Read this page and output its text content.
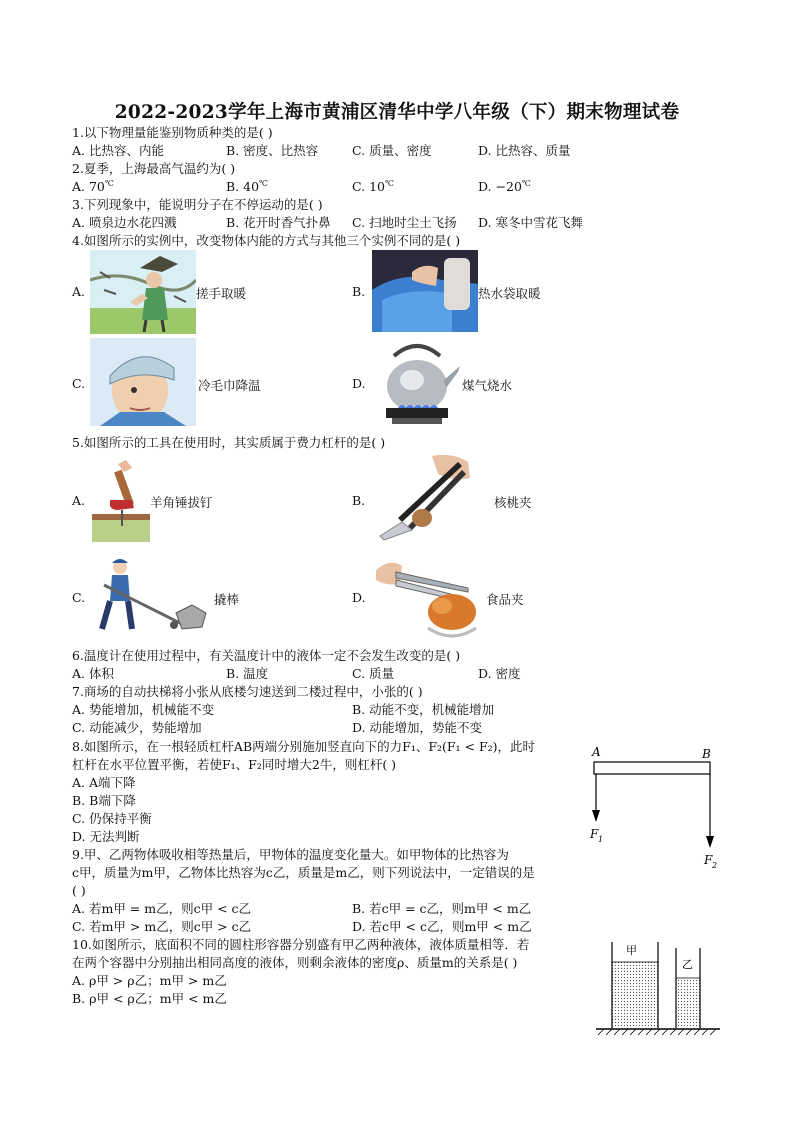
2022-2023学年上海市黄浦区清华中学八年级（下）期末物理试卷
1.以下物理量能鉴别物质种类的是( )
A. 比热容、内能	B. 密度、比热容	C. 质量、密度	D. 比热容、质量
2.夏季，上海最高气温约为( )
A. 70℃	B. 40℃	C. 10℃	D. −20℃
3.下列现象中，能说明分子在不停运动的是( )
A. 喷泉边水花四溅	B. 花开时香气扑鼻 C. 扫地时尘土飞扬 D. 寒冬中雪花飞舞
4.如图所示的实例中，改变物体内能的方式与其他三个实例不同的是( )
A.	搓手取暖	B.	热水袋取暖
C.	冷毛巾降温	D.	煤气烧水
5.如图所示的工具在使用时，其实质属于费力杠杆的是( )
A.	羊角锤拔钉	B.	核桃夹
C.	撬棒	D.	食品夹
6.温度计在使用过程中，有关温度计中的液体一定不会发生改变的是( )
A. 体积	B. 温度	C. 质量	D. 密度
7.商场的自动扶梯将小张从底楼匀速送到二楼过程中，小张的( )
A. 势能增加，机械能不变	B. 动能不变，机械能增加
C. 动能减少，势能增加	D. 动能增加，势能不变
8.如图所示，在一根轻质杠杆AB两端分别施加竖直向下的力F₁、F₂(F₁ < F₂)，此时
杠杆在水平位置平衡，若使F₁、F₂同时增大2牛，则杠杆( )
A. A端下降
B. B端下降
C. 仍保持平衡
D. 无法判断
A	B
F 1
F 2
9.甲、乙两物体吸收相等热量后，甲物体的温度变化量大。如甲物体的比热容为
c甲，质量为m甲，乙物体比热容为c乙，质量是m乙，则下列说法中，一定错误的是
( )
A. 若m甲 = m乙，则c甲 < c乙	B. 若c甲 = c乙，则m甲 < m乙
C. 若m甲 > m乙，则c甲 > c乙	D. 若c甲 < c乙，则m甲 < m乙
10.如图所示，底面积不同的圆柱形容器分别盛有甲乙两种液体，液体质量相等．若
在两个容器中分别抽出相同高度的液体，则剩余液体的密度ρ、质量m的关系是( )
A. ρ甲 > ρ乙；m甲 > m乙
B. ρ甲 < ρ乙；m甲 < m乙
甲
乙
